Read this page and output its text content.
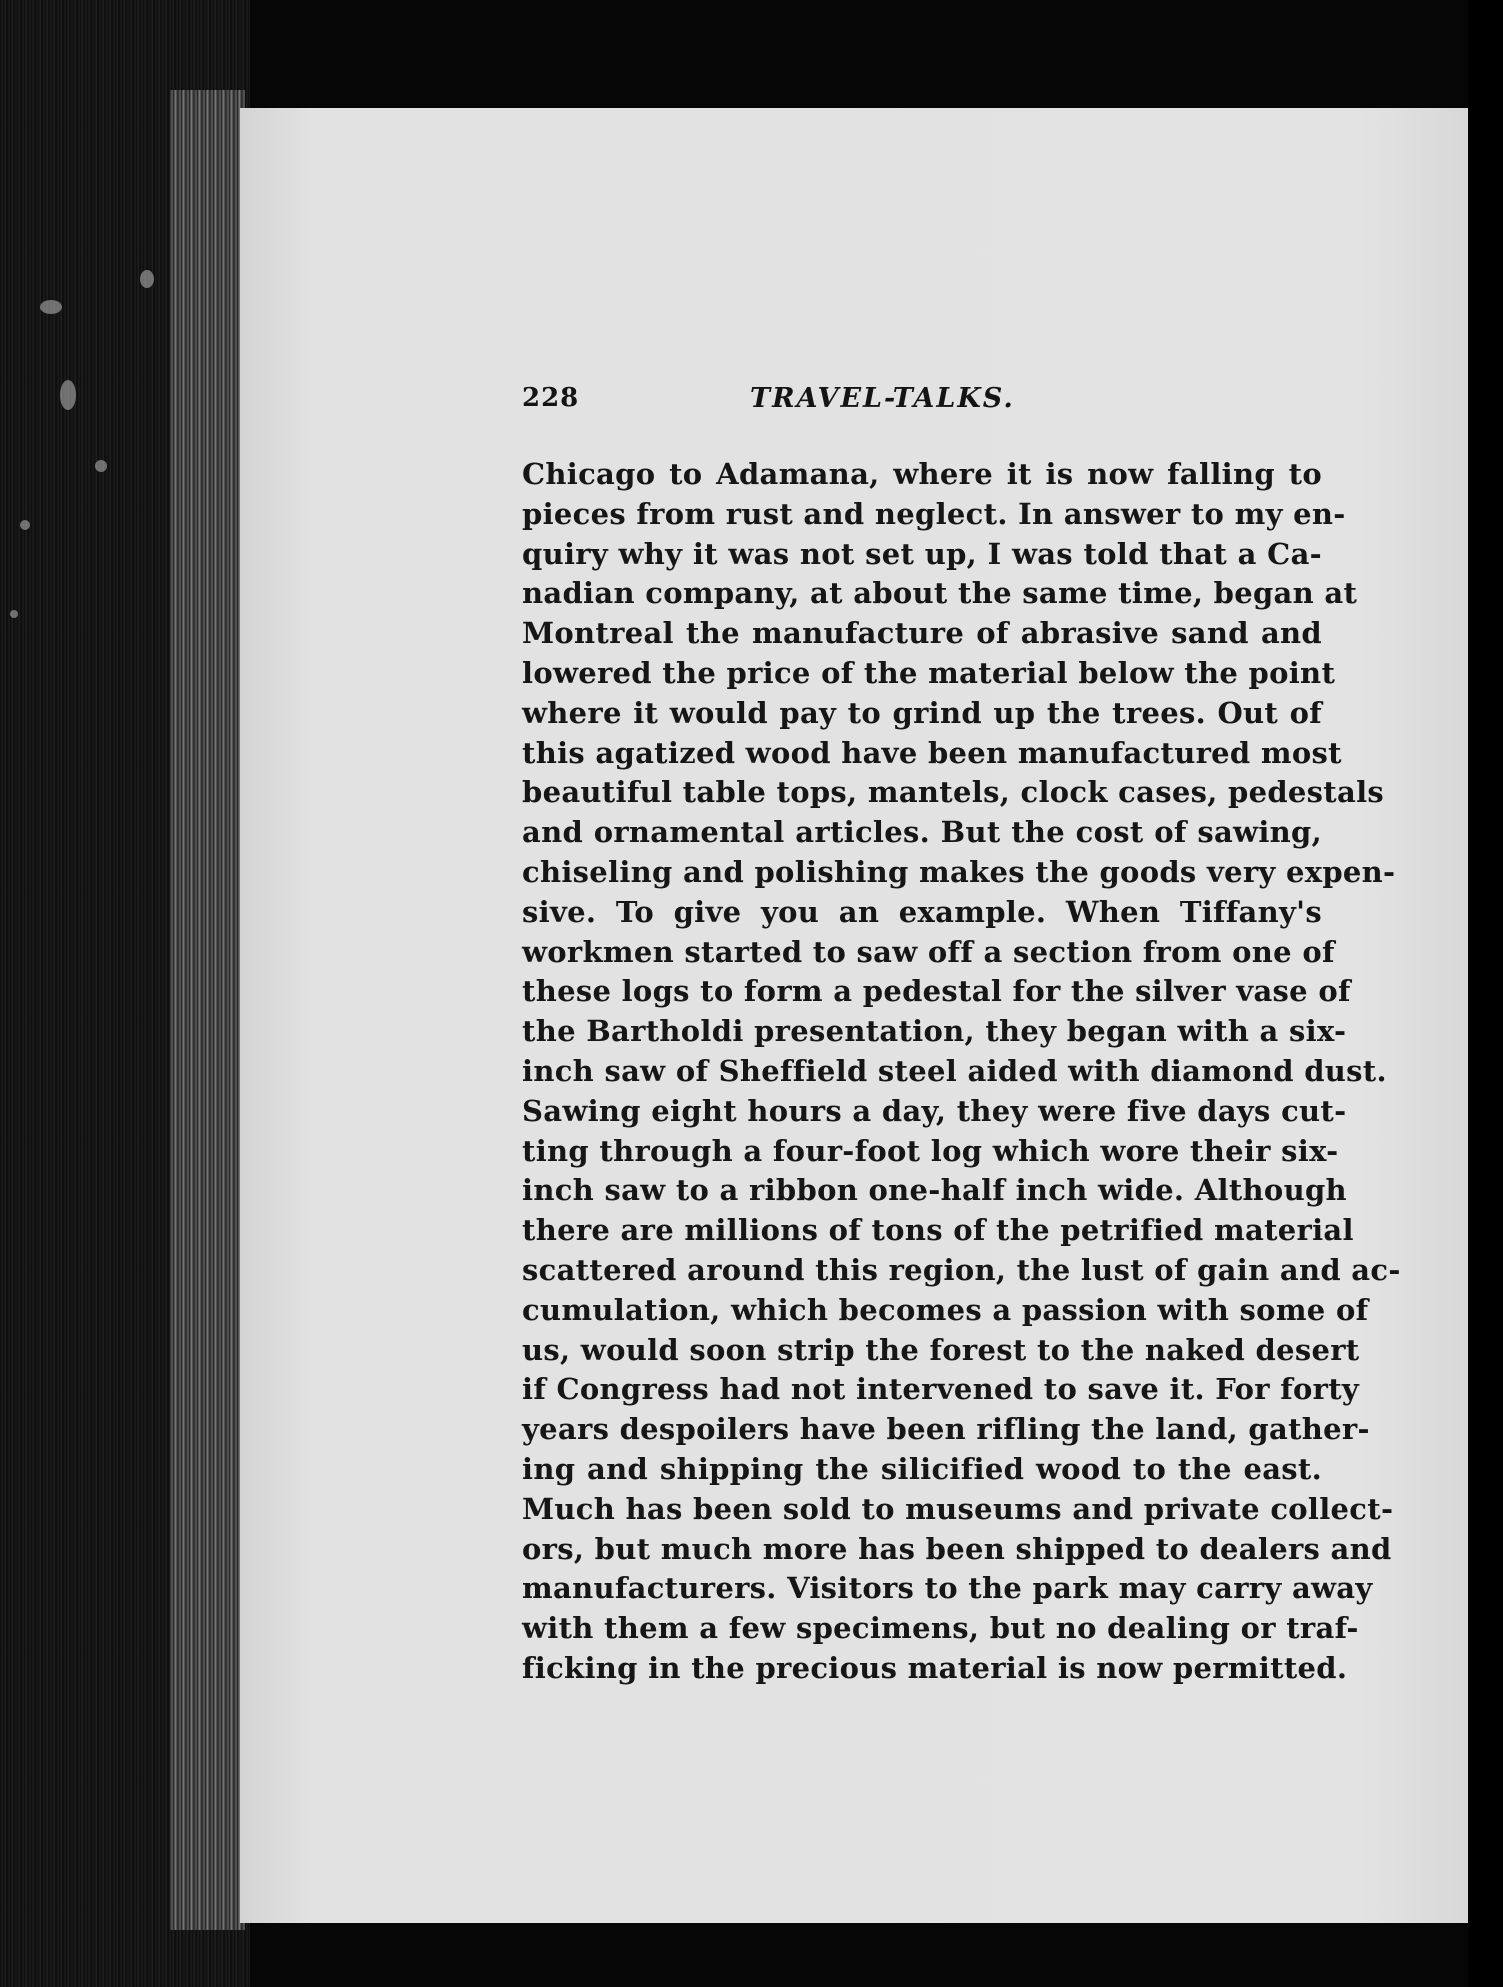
228	TRAVEL-TALKS.
Chicago to Adamana, where it is now falling to
pieces from rust and neglect. In answer to my en-
quiry why it was not set up, I was told that a Ca-
nadian company, at about the same time, began at
Montreal the manufacture of abrasive sand and
lowered the price of the material below the point
where it would pay to grind up the trees. Out of
this agatized wood have been manufactured most
beautiful table tops, mantels, clock cases, pedestals
and ornamental articles. But the cost of sawing,
chiseling and polishing makes the goods very expen-
sive. To give you an example. When Tiffany's
workmen started to saw off a section from one of
these logs to form a pedestal for the silver vase of
the Bartholdi presentation, they began with a six-
inch saw of Sheffield steel aided with diamond dust.
Sawing eight hours a day, they were five days cut-
ting through a four-foot log which wore their six-
inch saw to a ribbon one-half inch wide. Although
there are millions of tons of the petrified material
scattered around this region, the lust of gain and ac-
cumulation, which becomes a passion with some of
us, would soon strip the forest to the naked desert
if Congress had not intervened to save it. For forty
years despoilers have been rifling the land, gather-
ing and shipping the silicified wood to the east.
Much has been sold to museums and private collect-
ors, but much more has been shipped to dealers and
manufacturers. Visitors to the park may carry away
with them a few specimens, but no dealing or traf-
ficking in the precious material is now permitted.
